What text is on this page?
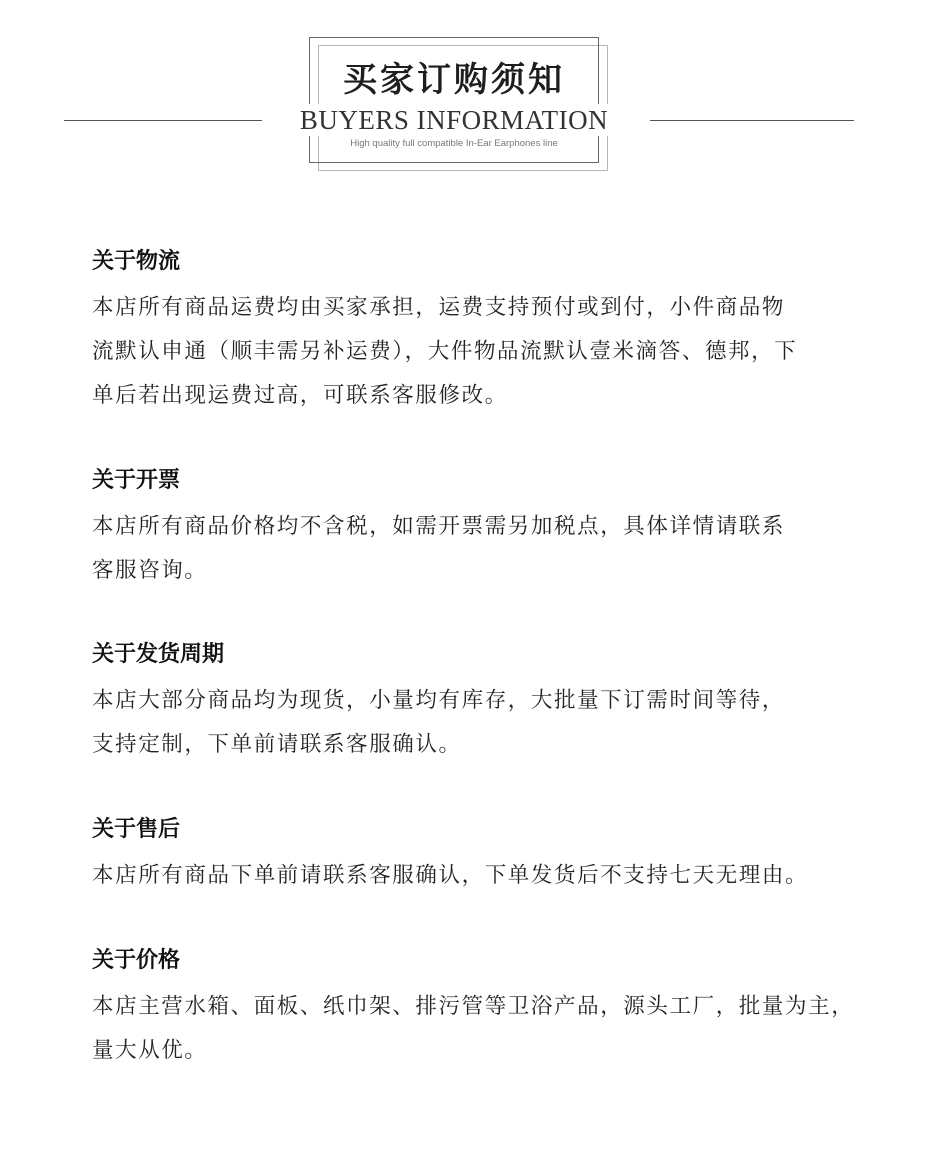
买家订购须知
BUYERS INFORMATION
High quality full compatible In-Ear Earphones line
关于物流
本店所有商品运费均由买家承担，运费支持预付或到付，小件商品物
流默认申通（顺丰需另补运费），大件物品流默认壹米滴答、德邦，下
单后若出现运费过高，可联系客服修改。
关于开票
本店所有商品价格均不含税，如需开票需另加税点，具体详情请联系
客服咨询。
关于发货周期
本店大部分商品均为现货，小量均有库存，大批量下订需时间等待，
支持定制，下单前请联系客服确认。
关于售后
本店所有商品下单前请联系客服确认，下单发货后不支持七天无理由。
关于价格
本店主营水箱、面板、纸巾架、排污管等卫浴产品，源头工厂，批量为主，
量大从优。
